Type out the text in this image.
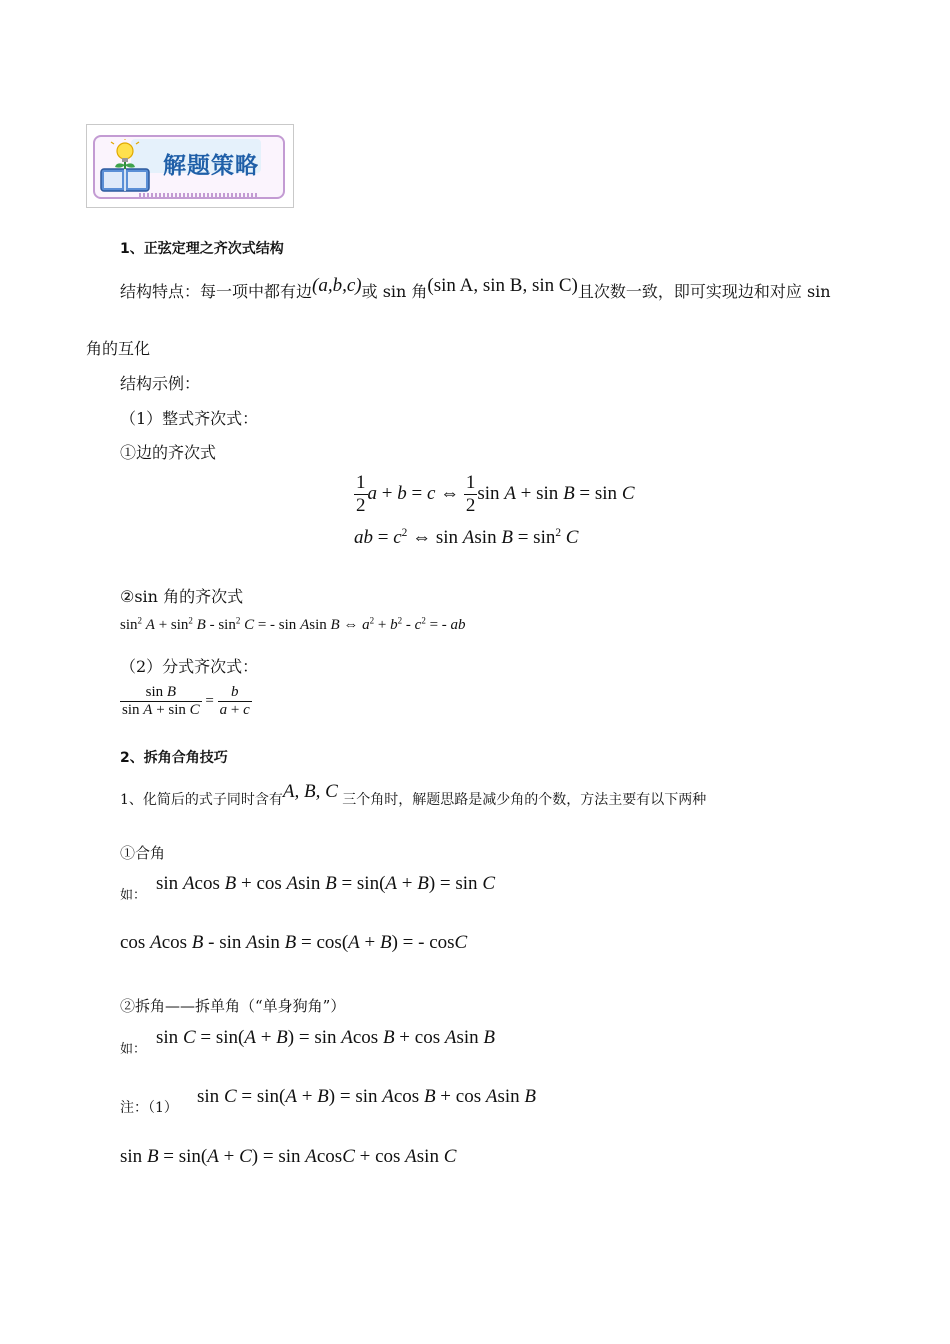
解题策略
1、正弦定理之齐次式结构
结构特点：每一项中都有边(a,b,c)或 sin 角(sin A, sin B, sin C)且次数一致，即可实现边和对应 sin
角的互化
结构示例：
（1）整式齐次式：
①边的齐次式
$\frac{1}{2}$ a + b = c ⇔ $\frac{1}{2}$ sin A + sin B = sin C
ab = $c^2$ ⇔ sin Asin $B = \sin^2 C$
②sin 角的齐次式
$\sin^2 A + \sin^2 B - \sin^2 C$ = - sin Asin B ⇔ $a^2 + b^2 - c^2$ = - ab
（2）分式齐次式：
$\frac{\text{sin B}}{\text{sin A + sin C}} = \frac{b}{a + c}$
2、拆角合角技巧
1、化简后的式子同时含有A, B, C 三个角时，解题思路是减少角的个数，方法主要有以下两种
①合角
如：
sin Acos B + cos Asin B = sin(A + B) = sin C
cos Acos B - sin Asin B = cos(A + B) = - cosC
②拆角——拆单角（“单身狗角”）
如：
sin C = sin(A + B) = sin Acos B + cos Asin B
注：（1）
sin C = sin(A + B) = sin Acos B + cos Asin B
sin B = sin(A + C) = sin AcosC + cos Asin C
